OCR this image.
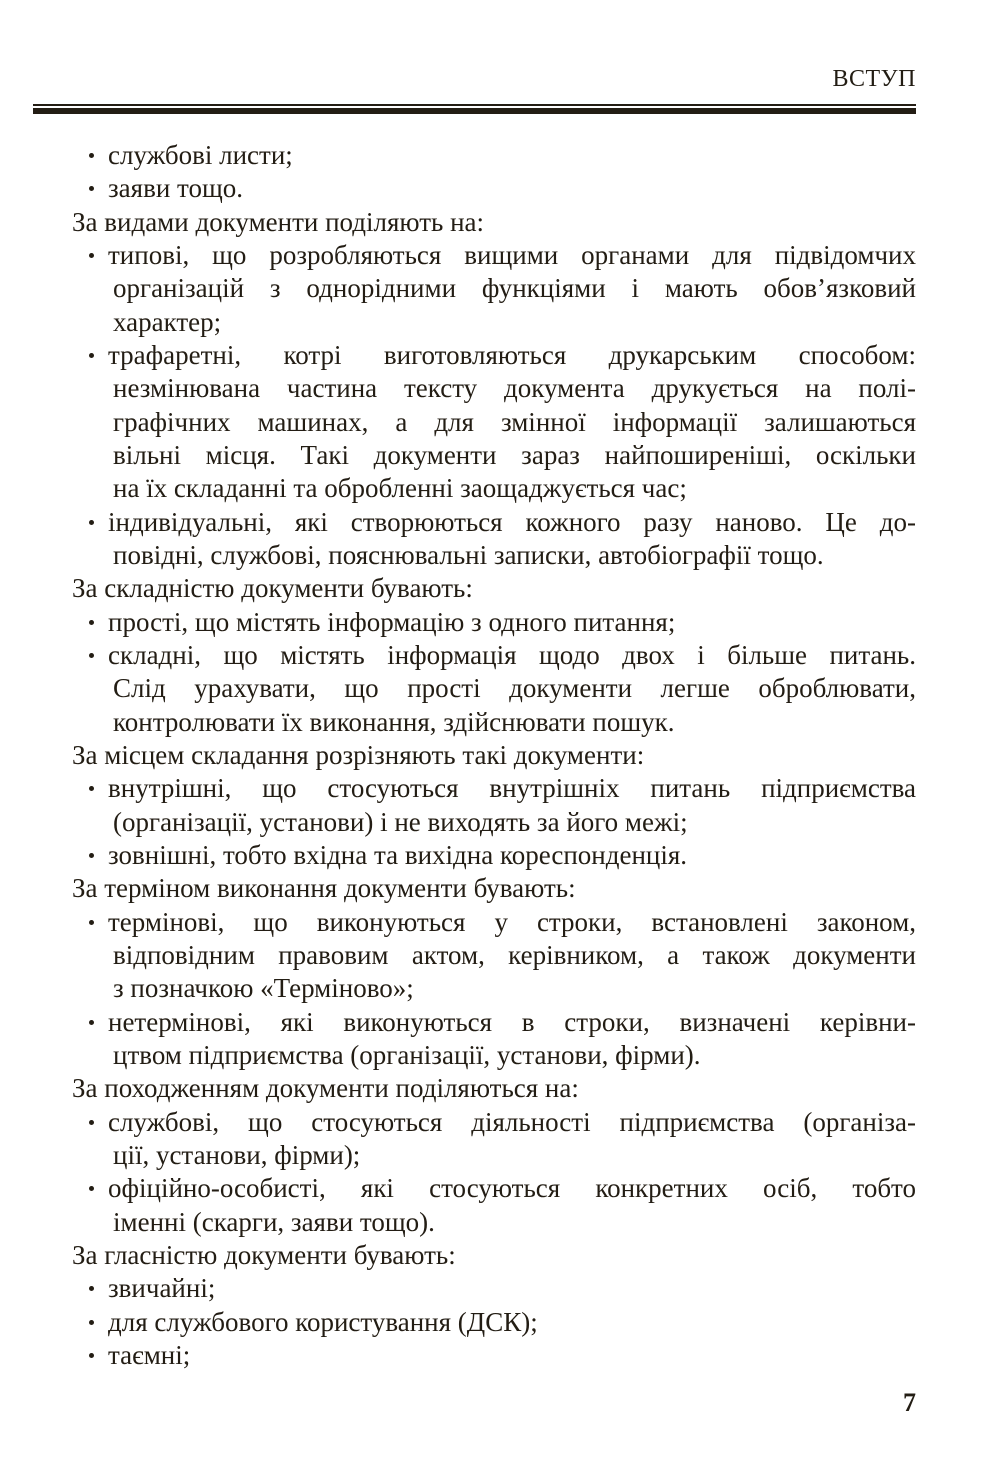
ВСТУП
службові листи;
заяви тощо.
За видами документи поділяють на:
типові, що розробляються вищими органами для підвідомчих
організацій з однорідними функціями і мають обов’язковий
характер;
трафаретні, котрі виготовляються друкарським способом:
незмінювана частина тексту документа друкується на полі-
графічних машинах, а для змінної інформації залишаються
вільні місця. Такі документи зараз найпоширеніші, оскільки
на їх складанні та обробленні заощаджується час;
індивідуальні, які створюються кожного разу наново. Це до-
повідні, службові, пояснювальні записки, автобіографії тощо.
За складністю документи бувають:
прості, що містять інформацію з одного питання;
складні, що містять інформація щодо двох і більше питань.
Слід урахувати, що прості документи легше оброблювати,
контролювати їх виконання, здійснювати пошук.
За місцем складання розрізняють такі документи:
внутрішні, що стосуються внутрішніх питань підприємства
(організації, установи) і не виходять за його межі;
зовнішні, тобто вхідна та вихідна кореспонденція.
За терміном виконання документи бувають:
термінові, що виконуються у строки, встановлені законом,
відповідним правовим актом, керівником, а також документи
з позначкою «Терміново»;
нетермінові, які виконуються в строки, визначені керівни-
цтвом підприємства (організації, установи, фірми).
За походженням документи поділяються на:
службові, що стосуються діяльності підприємства (організа-
ції, установи, фірми);
офіційно-особисті, які стосуються конкретних осіб, тобто
іменні (скарги, заяви тощо).
За гласністю документи бувають:
звичайні;
для службового користування (ДСК);
таємні;
7
